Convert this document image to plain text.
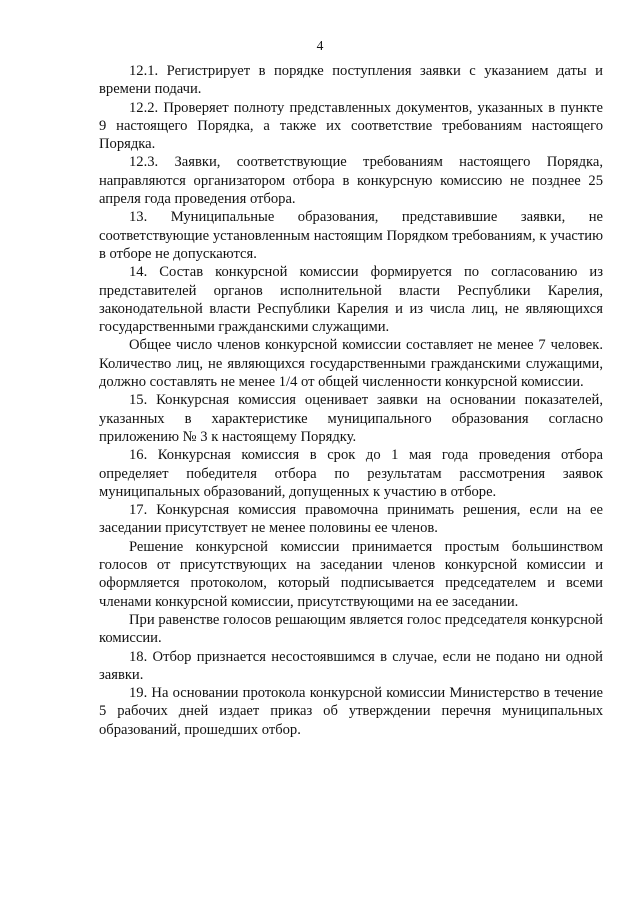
4

12.1. Регистрирует в порядке поступления заявки с указанием даты и времени подачи.

12.2. Проверяет полноту представленных документов, указанных в пункте 9 настоящего Порядка, а также их соответствие требованиям настоящего Порядка.

12.3. Заявки, соответствующие требованиям настоящего Порядка, направляются организатором отбора в конкурсную комиссию не позднее 25 апреля года проведения отбора.

13. Муниципальные образования, представившие заявки, не соответствующие установленным настоящим Порядком требованиям, к участию в отборе не допускаются.

14. Состав конкурсной комиссии формируется по согласованию из представителей органов исполнительной власти Республики Карелия, законодательной власти Республики Карелия и из числа лиц, не являющихся государственными гражданскими служащими.

Общее число членов конкурсной комиссии составляет не менее 7 человек. Количество лиц, не являющихся государственными гражданскими служащими, должно составлять не менее 1/4 от общей численности конкурсной комиссии.

15. Конкурсная комиссия оценивает заявки на основании показателей, указанных в характеристике муниципального образования согласно приложению № 3 к настоящему Порядку.

16. Конкурсная комиссия в срок до 1 мая года проведения отбора определяет победителя отбора по результатам рассмотрения заявок муниципальных образований, допущенных к участию в отборе.

17. Конкурсная комиссия правомочна принимать решения, если на ее заседании присутствует не менее половины ее членов.

Решение конкурсной комиссии принимается простым большинством голосов от присутствующих на заседании членов конкурсной комиссии и оформляется протоколом, который подписывается председателем и всеми членами конкурсной комиссии, присутствующими на ее заседании.

При равенстве голосов решающим является голос председателя конкурсной комиссии.

18. Отбор признается несостоявшимся в случае, если не подано ни одной заявки.

19. На основании протокола конкурсной комиссии Министерство в течение 5 рабочих дней издает приказ об утверждении перечня муниципальных образований, прошедших отбор.
